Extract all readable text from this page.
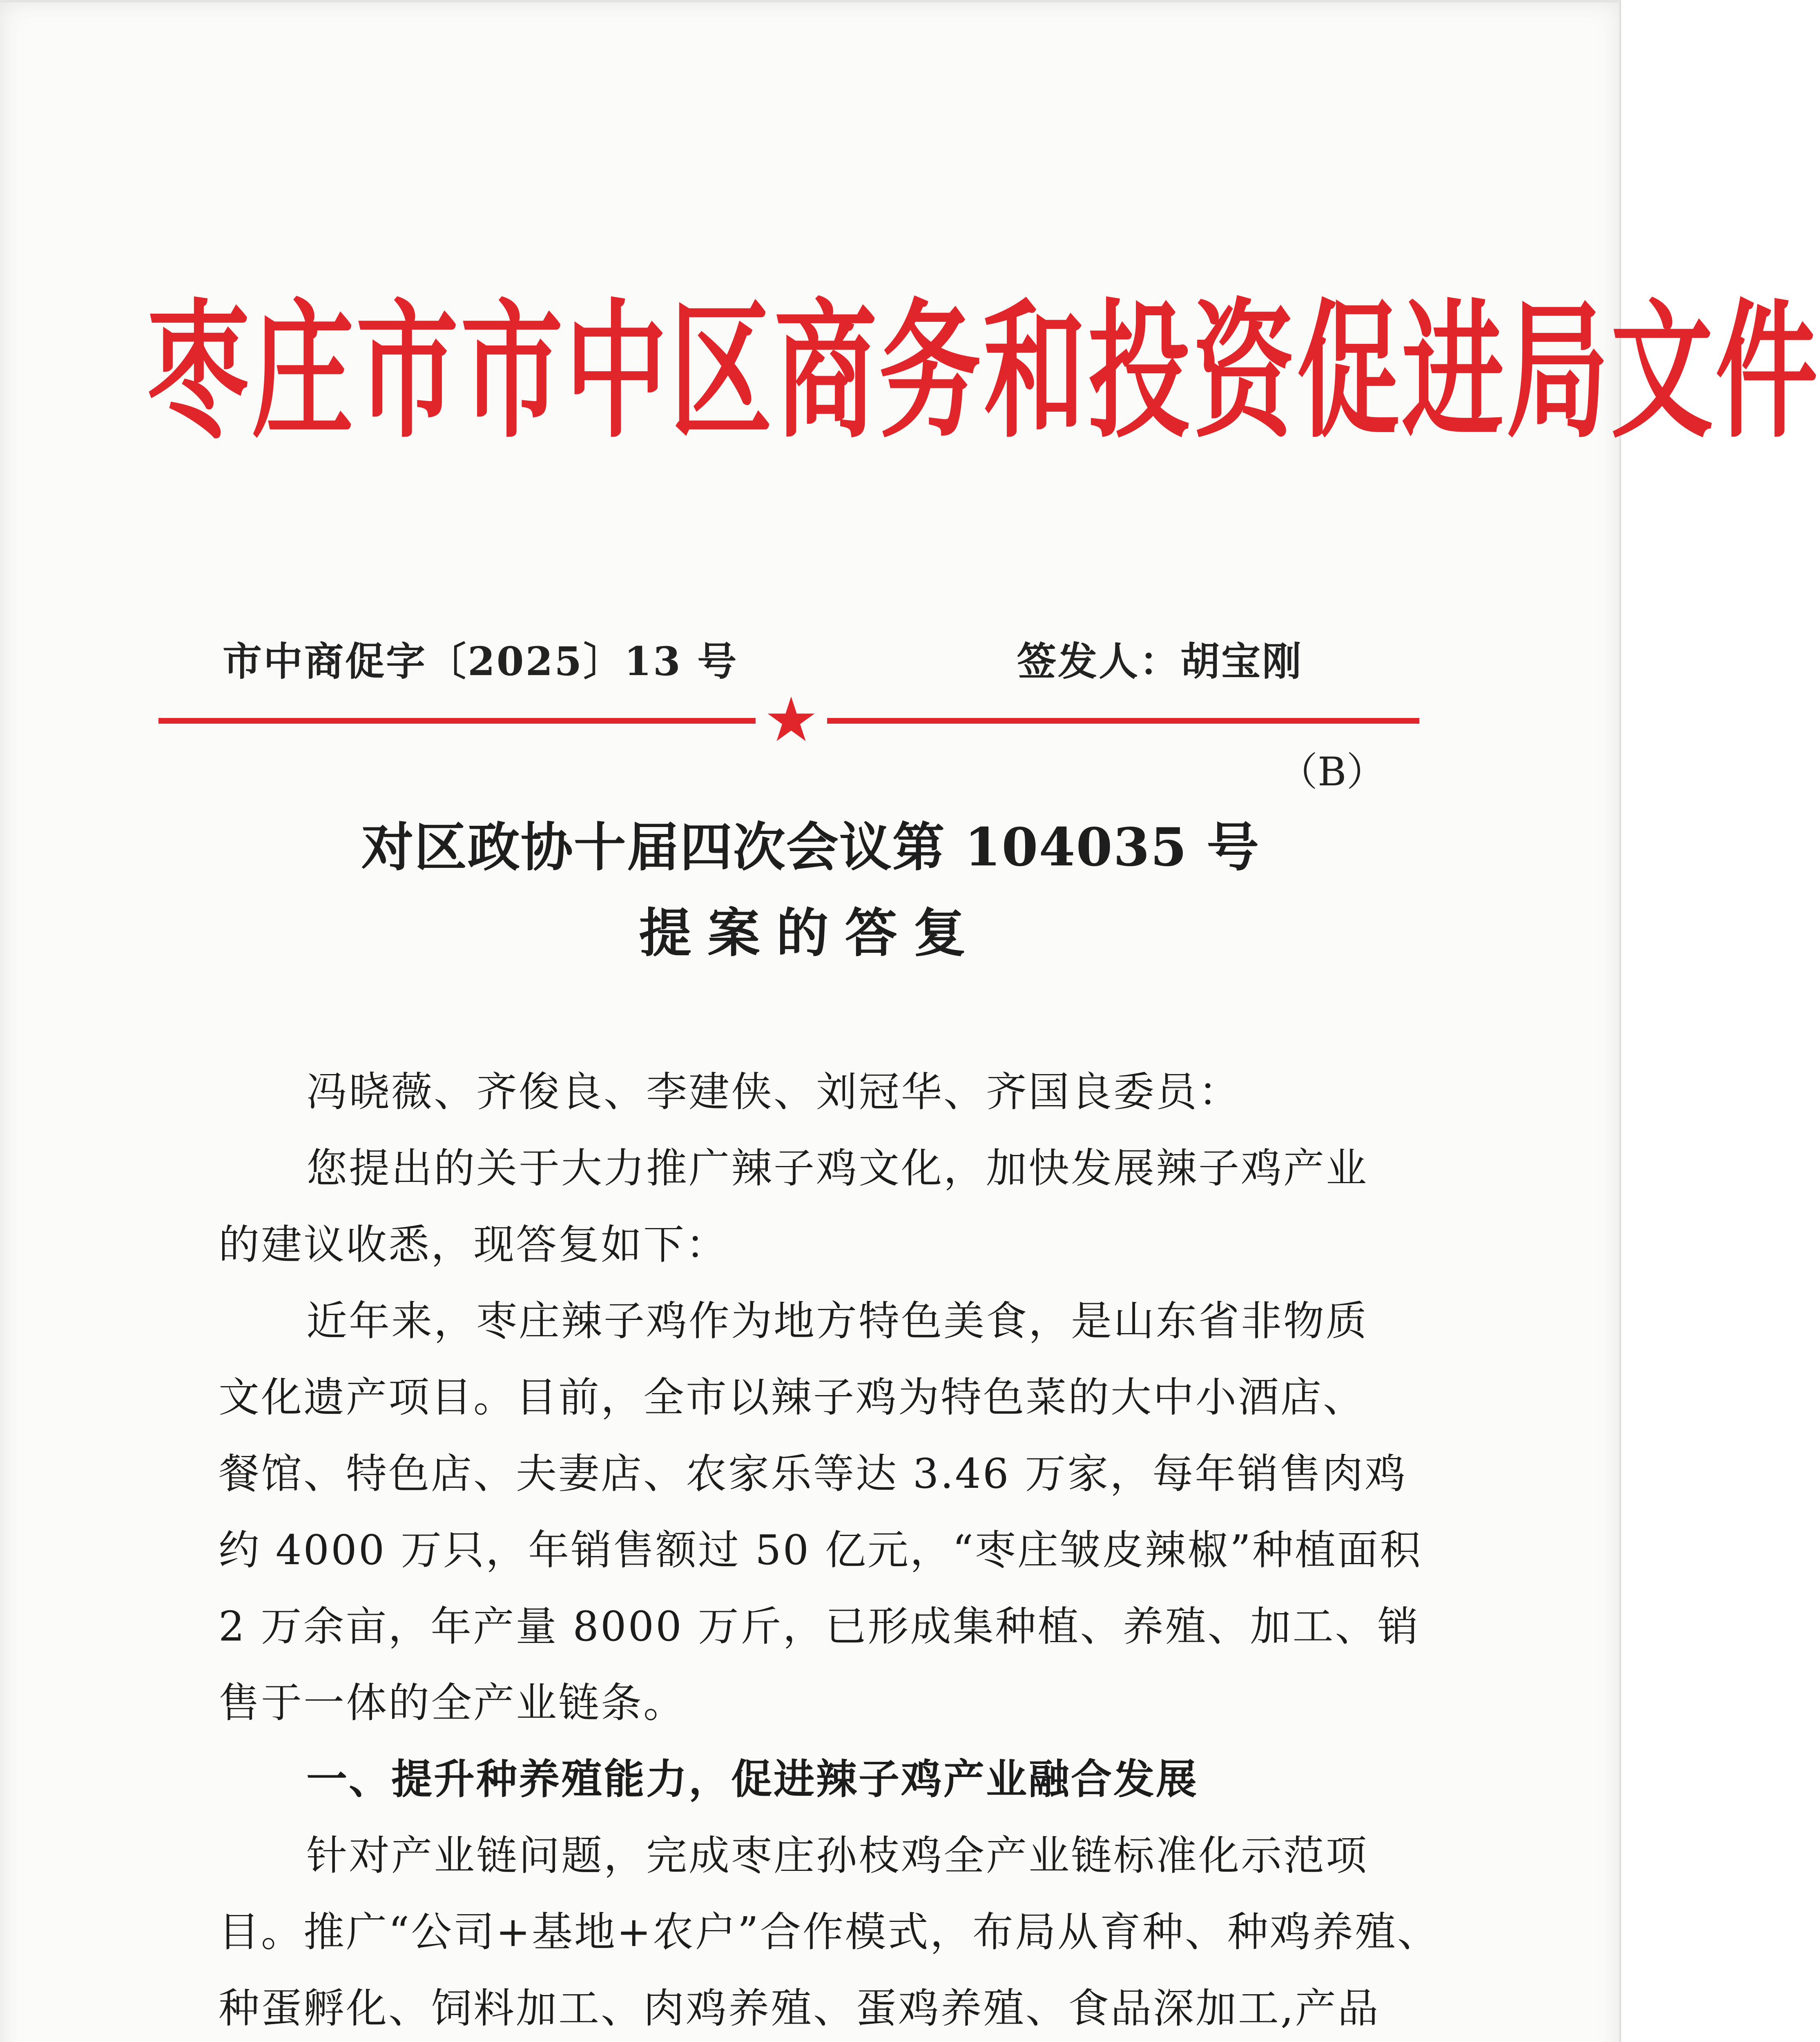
枣庄市市中区商务和投资促进局文件
市中商促字〔2025〕13 号	签发人：胡宝刚
★
（B）
对区政协十届四次会议第 104035 号
提案的答复

冯晓薇、齐俊良、李建侠、刘冠华、齐国良委员：

您提出的关于大力推广辣子鸡文化，加快发展辣子鸡产业

的建议收悉，现答复如下：

近年来，枣庄辣子鸡作为地方特色美食，是山东省非物质

文化遗产项目。目前，全市以辣子鸡为特色菜的大中小酒店、

餐馆、特色店、夫妻店、农家乐等达 3.46 万家，每年销售肉鸡

约 4000 万只，年销售额过 50 亿元，“枣庄皱皮辣椒”种植面积

2 万余亩，年产量 8000 万斤，已形成集种植、养殖、加工、销

售于一体的全产业链条。

一、提升种养殖能力，促进辣子鸡产业融合发展

针对产业链问题，完成枣庄孙枝鸡全产业链标准化示范项

目。推广“公司+基地+农户”合作模式，布局从育种、种鸡养殖、

种蛋孵化、饲料加工、肉鸡养殖、蛋鸡养殖、食品深加工,产品
